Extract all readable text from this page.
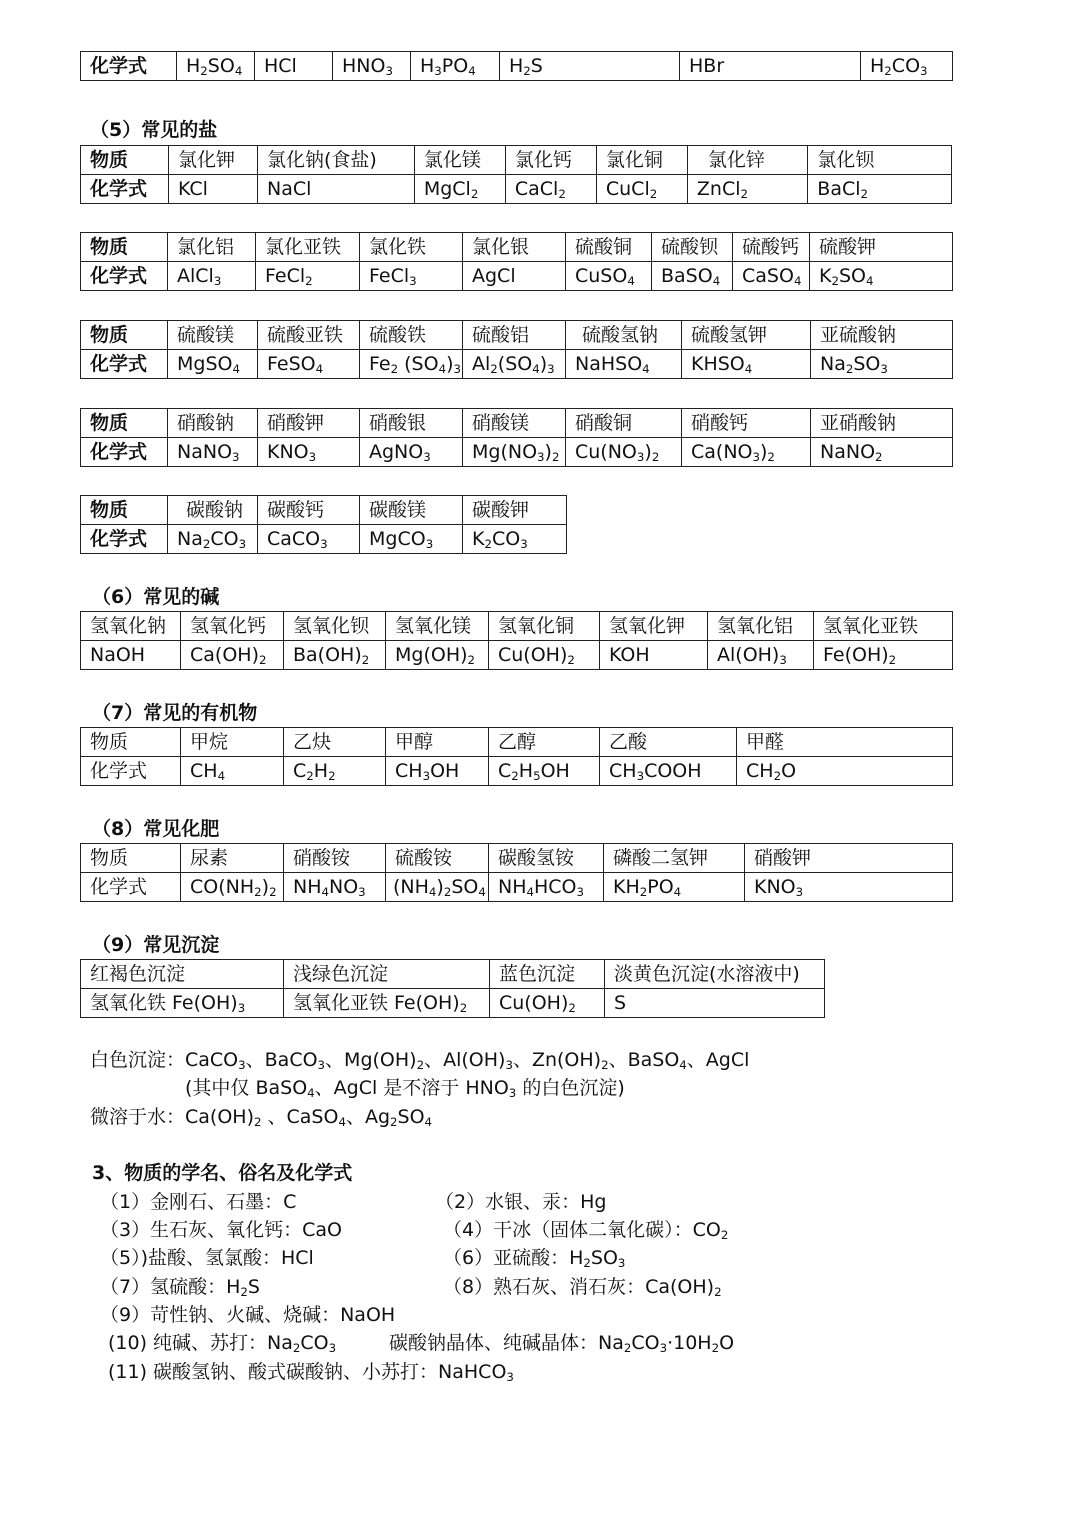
化学式	$H_2SO_4$	HCl	$HNO_3$	$H_3PO_4$	$H_2S$	HBr	$H_2CO_3$
（5）常见的盐
物质	氯化钾	氯化钠(食盐)	氯化镁	氯化钙	氯化铜	氯化锌	氯化钡
化学式	KCl	NaCl	MgCl$_2$	CaCl$_2$	CuCl$_2$	ZnCl$_2$	BaCl$_2$
物质	氯化铝	氯化亚铁	氯化铁	氯化银	硫酸铜	硫酸钡	硫酸钙	硫酸钾
化学式	AlCl$_3$	FeCl$_2$	FeCl$_3$	AgCl	CuSO$_4$	BaSO$_4$	CaSO$_4$	$K_2SO_4$
物质	硫酸镁	硫酸亚铁	硫酸铁	硫酸铝	硫酸氢钠	硫酸氢钾	亚硫酸钠
化学式	MgSO$_4$	FeSO$_4$	$Fe_2$ $(SO_4)_3$	$Al_2(SO_4)_3$	NaHSO$_4$	$KHSO_4$	$Na_2SO_3$
物质	硝酸钠	硝酸钾	硝酸银	硝酸镁	硝酸铜	硝酸钙	亚硝酸钠
化学式	NaNO$_3$	$KNO_3$	AgNO$_3$	$Mg(NO_3)_2$	$Cu(NO_3)_2$	$Ca(NO_3)_2$	NaNO$_2$
物质	碳酸钠	碳酸钙	碳酸镁	碳酸钾
化学式	$Na_2CO_3$	CaCO$_3$	MgCO$_3$	$K_2CO_3$
（6）常见的碱
氢氧化钠	氢氧化钙	氢氧化钡	氢氧化镁	氢氧化铜	氢氧化钾	氢氧化铝	氢氧化亚铁
NaOH	$Ca(OH)_2$	$Ba(OH)_2$	$Mg(OH)_2$	$Cu(OH)_2$	KOH	$Al(OH)_3$	$Fe(OH)_2$
（7）常见的有机物
物质	甲烷	乙炔	甲醇	乙醇	乙酸	甲醛
化学式	$CH_4$	$C_2H_2$	$CH_3OH$	$C_2H_5OH$	$CH_3COOH$	$CH_2O$
（8）常见化肥
物质	尿素	硝酸铵	硫酸铵	碳酸氢铵	磷酸二氢钾	硝酸钾
化学式	$CO(NH_2)_2$	$NH_4NO_3$	$(NH_4)_2SO_4$	$NH_4HCO_3$	$KH_2PO_4$	$KNO_3$
（9）常见沉淀
红褐色沉淀	浅绿色沉淀	蓝色沉淀	淡黄色沉淀(水溶液中)
氢氧化铁 $Fe(OH)_3$	氢氧化亚铁 $Fe(OH)_2$	$Cu(OH)_2$	S
白色沉淀：CaCO$_3$、BaCO$_3$、$Mg(OH)_2$、$Al(OH)_3$、$Zn(OH)_2$、BaSO$_4$、AgCl
(其中仅 BaSO$_4$、AgCl 是不溶于 $HNO_3$ 的白色沉淀)
微溶于水：$Ca(OH)_2$ 、CaSO$_4$、$Ag_2SO_4$
3、物质的学名、俗名及化学式
（1）金刚石、石墨：C	（2）水银、汞：Hg
（3）生石灰、氧化钙：CaO	（4）干冰（固体二氧化碳）：$CO_2$
（5）)盐酸、氢氯酸：HCl	（6）亚硫酸：$H_2SO_3$
（7）氢硫酸：$H_2S$	（8）熟石灰、消石灰：$Ca(OH)_2$
（9）苛性钠、火碱、烧碱：NaOH
(10) 纯碱、苏打：$Na_2CO_3$	碳酸钠晶体、纯碱晶体：$Na_2CO_3\cdot 10H_2O$
(11) 碳酸氢钠、酸式碳酸钠、小苏打：NaHCO$_3$
